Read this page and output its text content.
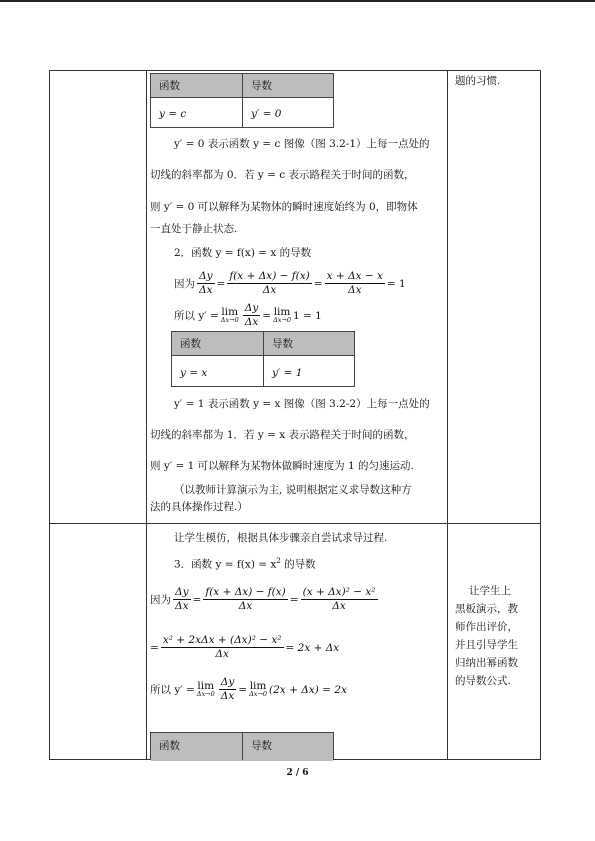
题的习惯.
函数	导数
y = c	y′ = 0
y′ = 0 表示函数 y = c 图像（图 3.2-1）上每一点处的
切线的斜率都为 0．若 y = c 表示路程关于时间的函数，
则 y′ = 0 可以解释为某物体的瞬时速度始终为 0，即物体
一直处于静止状态.
2．函数 y = f(x) = x 的导数
因为 $\frac{\Delta y}{\Delta x} = \frac{f(x + \Delta x) - f(x)}{\Delta x} = \frac{x + \Delta x - x}{\Delta x} = 1$
所以 y′ = lim
$\Delta x\to 0 \frac{\Delta y}{\Delta x} = \lim$
Δx→0 1 = 1
函数	导数
y = x	y′ = 1
y′ = 1 表示函数 y = x 图像（图 3.2-2）上每一点处的
切线的斜率都为 1．若 y = x 表示路程关于时间的函数，
则 y′ = 1 可以解释为某物体做瞬时速度为 1 的匀速运动.
（以教师计算演示为主, 说明根据定义求导数这种方
法的具体操作过程.）
让学生模仿，根据具体步骤亲自尝试求导过程.
3．函数 $y = f(x) = x^2$ 的导数
因为 $\frac{\Delta y}{\Delta x} = \frac{f(x + \Delta x) - f(x)}{\Delta x} = \frac{\text{(x + Δx)² − x²}}{\Delta x}$
= $\frac{\text{x² + 2xΔx + (Δx)² − x²}}{\Delta x} = 2x + \Delta x$
所以 y′ = lim
$\Delta x\to 0 \frac{\Delta y}{\Delta x} = \lim$
Δx→0 (2x + Δx) = 2x
函数	导数
让学生上
黑板演示，教
师作出评价，
并且引导学生
归纳出幂函数
的导数公式.
2 / 6
